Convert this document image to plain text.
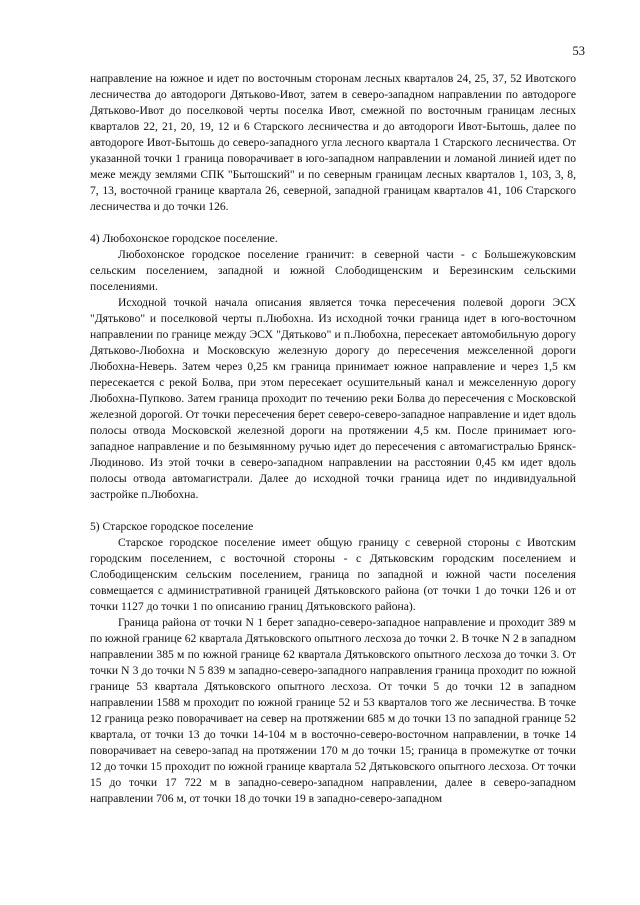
53

направление на южное и идет по восточным сторонам лесных кварталов 24, 25, 37, 52 Ивотского лесничества до автодороги Дятьково-Ивот, затем в северо-западном направлении по автодороге Дятьково-Ивот до поселковой черты поселка Ивот, смежной по восточным границам лесных кварталов 22, 21, 20, 19, 12 и 6 Старского лесничества и до автодороги Ивот-Бытошь, далее по автодороге Ивот-Бытошь до северо-западного угла лесного квартала 1 Старского лесничества. От указанной точки 1 граница поворачивает в юго-западном направлении и ломаной линией идет по меже между землями СПК "Бытошский" и по северным границам лесных кварталов 1, 103, 3, 8, 7, 13, восточной границе квартала 26, северной, западной границам кварталов 41, 106 Старского лесничества и до точки 126.

4) Любохонское городское поселение.

Любохонское городское поселение граничит: в северной части - с Большежуковским сельским поселением, западной и южной Слободищенским и Березинским сельскими поселениями.

Исходной точкой начала описания является точка пересечения полевой дороги ЭСХ "Дятьково" и поселковой черты п.Любохна. Из исходной точки граница идет в юго-восточном направлении по границе между ЭСХ "Дятьково" и п.Любохна, пересекает автомобильную дорогу Дятьково-Любохна и Московскую железную дорогу до пересечения межселенной дороги Любохна-Неверь. Затем через 0,25 км граница принимает южное направление и через 1,5 км пересекается с рекой Болва, при этом пересекает осушительный канал и межселенную дорогу Любохна-Пупково. Затем граница проходит по течению реки Болва до пересечения с Московской железной дорогой. От точки пересечения берет северо-северо-западное направление и идет вдоль полосы отвода Московской железной дороги на протяжении 4,5 км. После принимает юго-западное направление и по безымянному ручью идет до пересечения с автомагистралью Брянск-Людиново. Из этой точки в северо-западном направлении на расстоянии 0,45 км идет вдоль полосы отвода автомагистрали. Далее до исходной точки граница идет по индивидуальной застройке п.Любохна.

5) Старское городское поселение

Старское городское поселение имеет общую границу с северной стороны с Ивотским городским поселением, с восточной стороны - с Дятьковским городским поселением и Слободищенским сельским поселением, граница по западной и южной части поселения совмещается с административной границей Дятьковского района (от точки 1 до точки 126 и от точки 1127 до точки 1 по описанию границ Дятьковского района).

Граница района от точки N 1 берет западно-северо-западное направление и проходит 389 м по южной границе 62 квартала Дятьковского опытного лесхоза до точки 2. В точке N 2 в западном направлении 385 м по южной границе 62 квартала Дятьковского опытного лесхоза до точки 3. От точки N 3 до точки N 5 839 м западно-северо-западного направления граница проходит по южной границе 53 квартала Дятьковского опытного лесхоза. От точки 5 до точки 12 в западном направлении 1588 м проходит по южной границе 52 и 53 кварталов того же лесничества. В точке 12 граница резко поворачивает на север на протяжении 685 м до точки 13 по западной границе 52 квартала, от точки 13 до точки 14-104 м в восточно-северо-восточном направлении, в точке 14 поворачивает на северо-запад на протяжении 170 м до точки 15; граница в промежутке от точки 12 до точки 15 проходит по южной границе квартала 52 Дятьковского опытного лесхоза. От точки 15 до точки 17 722 м в западно-северо-западном направлении, далее в северо-западном направлении 706 м, от точки 18 до точки 19 в западно-северо-западном
